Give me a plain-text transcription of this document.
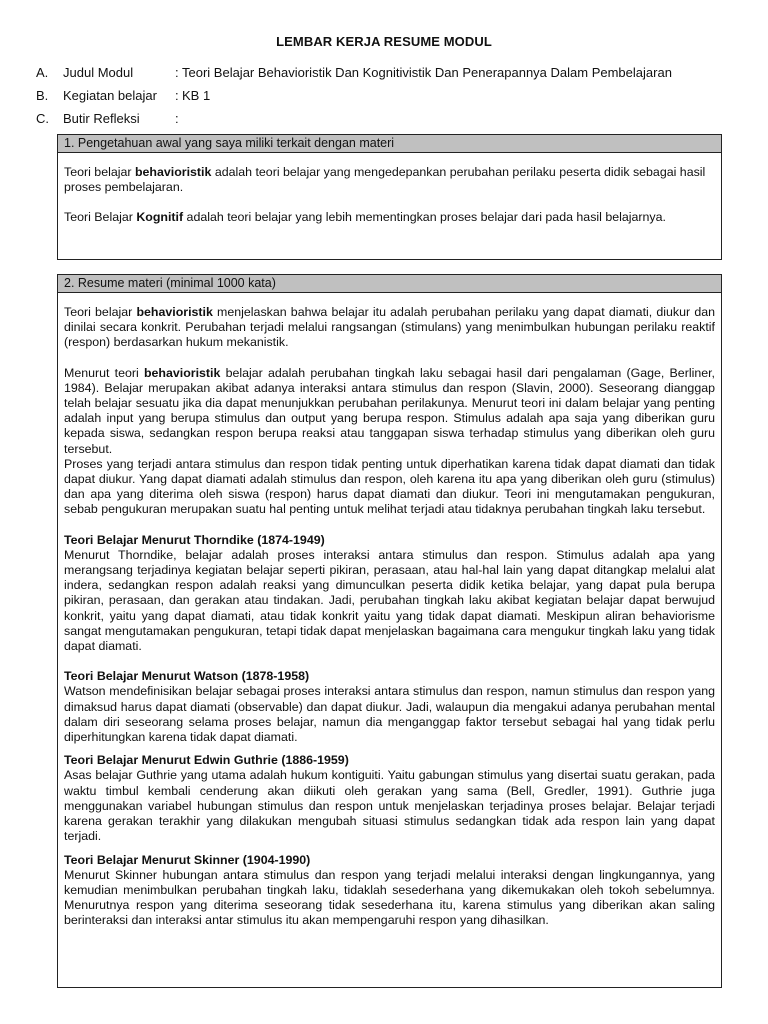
LEMBAR KERJA RESUME MODUL
A. Judul Modul	: Teori Belajar Behavioristik Dan Kognitivistik Dan Penerapannya Dalam Pembelajaran
B. Kegiatan belajar : KB 1
C. Butir Refleksi	:
1. Pengetahuan awal yang saya miliki terkait dengan materi

Teori belajar behavioristik adalah teori belajar yang mengedepankan perubahan perilaku peserta didik sebagai hasil proses pembelajaran.

Teori Belajar Kognitif adalah teori belajar yang lebih mementingkan proses belajar dari pada hasil belajarnya.

2. Resume materi (minimal 1000 kata)

Teori belajar behavioristik menjelaskan bahwa belajar itu adalah perubahan perilaku yang dapat diamati, diukur dan dinilai secara konkrit. Perubahan terjadi melalui rangsangan (stimulans) yang menimbulkan hubungan perilaku reaktif (respon) berdasarkan hukum mekanistik.

Menurut teori behavioristik belajar adalah perubahan tingkah laku sebagai hasil dari pengalaman (Gage, Berliner, 1984). Belajar merupakan akibat adanya interaksi antara stimulus dan respon (Slavin, 2000). Seseorang dianggap telah belajar sesuatu jika dia dapat menunjukkan perubahan perilakunya. Menurut teori ini dalam belajar yang penting adalah input yang berupa stimulus dan output yang berupa respon. Stimulus adalah apa saja yang diberikan guru kepada siswa, sedangkan respon berupa reaksi atau tanggapan siswa terhadap stimulus yang diberikan oleh guru tersebut.

Proses yang terjadi antara stimulus dan respon tidak penting untuk diperhatikan karena tidak dapat diamati dan tidak dapat diukur. Yang dapat diamati adalah stimulus dan respon, oleh karena itu apa yang diberikan oleh guru (stimulus) dan apa yang diterima oleh siswa (respon) harus dapat diamati dan diukur. Teori ini mengutamakan pengukuran, sebab pengukuran merupakan suatu hal penting untuk melihat terjadi atau tidaknya perubahan tingkah laku tersebut.

Teori Belajar Menurut Thorndike (1874-1949)

Menurut Thorndike, belajar adalah proses interaksi antara stimulus dan respon. Stimulus adalah apa yang merangsang terjadinya kegiatan belajar seperti pikiran, perasaan, atau hal-hal lain yang dapat ditangkap melalui alat indera, sedangkan respon adalah reaksi yang dimunculkan peserta didik ketika belajar, yang dapat pula berupa pikiran, perasaan, dan gerakan atau tindakan. Jadi, perubahan tingkah laku akibat kegiatan belajar dapat berwujud konkrit, yaitu yang dapat diamati, atau tidak konkrit yaitu yang tidak dapat diamati. Meskipun aliran behaviorisme sangat mengutamakan pengukuran, tetapi tidak dapat menjelaskan bagaimana cara mengukur tingkah laku yang tidak dapat diamati.

Teori Belajar Menurut Watson (1878-1958)

Watson mendefinisikan belajar sebagai proses interaksi antara stimulus dan respon, namun stimulus dan respon yang dimaksud harus dapat diamati (observable) dan dapat diukur. Jadi, walaupun dia mengakui adanya perubahan mental dalam diri seseorang selama proses belajar, namun dia menganggap faktor tersebut sebagai hal yang tidak perlu diperhitungkan karena tidak dapat diamati.

Teori Belajar Menurut Edwin Guthrie (1886-1959)

Asas belajar Guthrie yang utama adalah hukum kontiguiti. Yaitu gabungan stimulus yang disertai suatu gerakan, pada waktu timbul kembali cenderung akan diikuti oleh gerakan yang sama (Bell, Gredler, 1991). Guthrie juga menggunakan variabel hubungan stimulus dan respon untuk menjelaskan terjadinya proses belajar. Belajar terjadi karena gerakan terakhir yang dilakukan mengubah situasi stimulus sedangkan tidak ada respon lain yang dapat terjadi.

Teori Belajar Menurut Skinner (1904-1990)

Menurut Skinner hubungan antara stimulus dan respon yang terjadi melalui interaksi dengan lingkungannya, yang kemudian menimbulkan perubahan tingkah laku, tidaklah sesederhana yang dikemukakan oleh tokoh sebelumnya. Menurutnya respon yang diterima seseorang tidak sesederhana itu, karena stimulus yang diberikan akan saling berinteraksi dan interaksi antar stimulus itu akan mempengaruhi respon yang dihasilkan.
